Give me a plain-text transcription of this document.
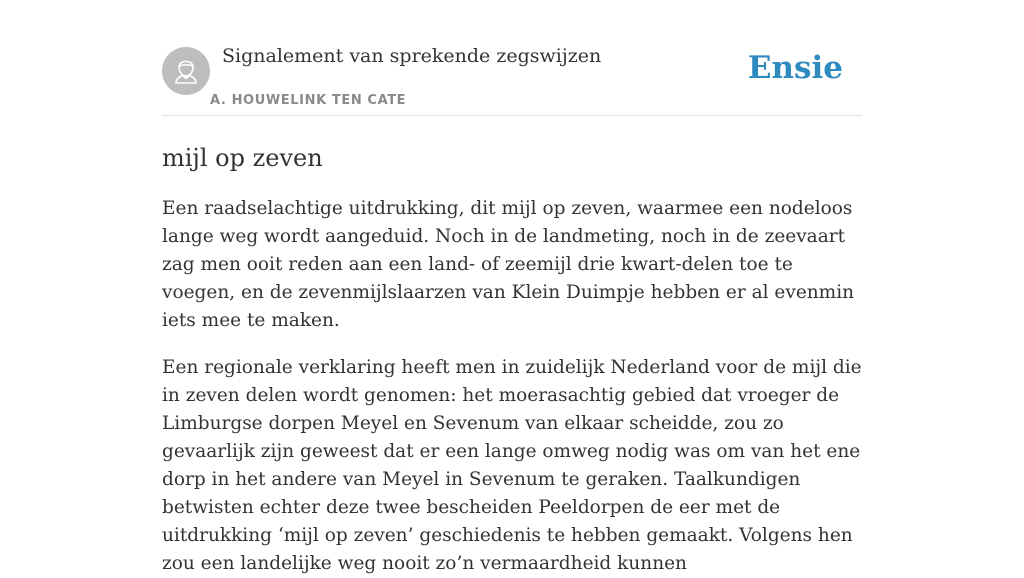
Signalement van sprekende zegswijzen
A. HOUWELINK TEN CATE
Ensie
mijl op zeven

Een raadselachtige uitdrukking, dit mijl op zeven, waarmee een nodeloos lange weg wordt aangeduid. Noch in de landmeting, noch in de zeevaart zag men ooit reden aan een land- of zeemijl drie kwart-delen toe te voegen, en de zevenmijlslaarzen van Klein Duimpje hebben er al evenmin iets mee te maken.

Een regionale verklaring heeft men in zuidelijk Nederland voor de mijl die in zeven delen wordt genomen: het moerasachtig gebied dat vroeger de Limburgse dorpen Meyel en Sevenum van elkaar scheidde, zou zo gevaarlijk zijn geweest dat er een lange omweg nodig was om van het ene dorp in het andere van Meyel in Sevenum te geraken. Taalkundigen betwisten echter deze twee bescheiden Peeldorpen de eer met de uitdrukking ‘mijl op zeven’ geschiedenis te hebben gemaakt. Volgens hen zou een landelijke weg nooit zo’n vermaardheid kunnen
